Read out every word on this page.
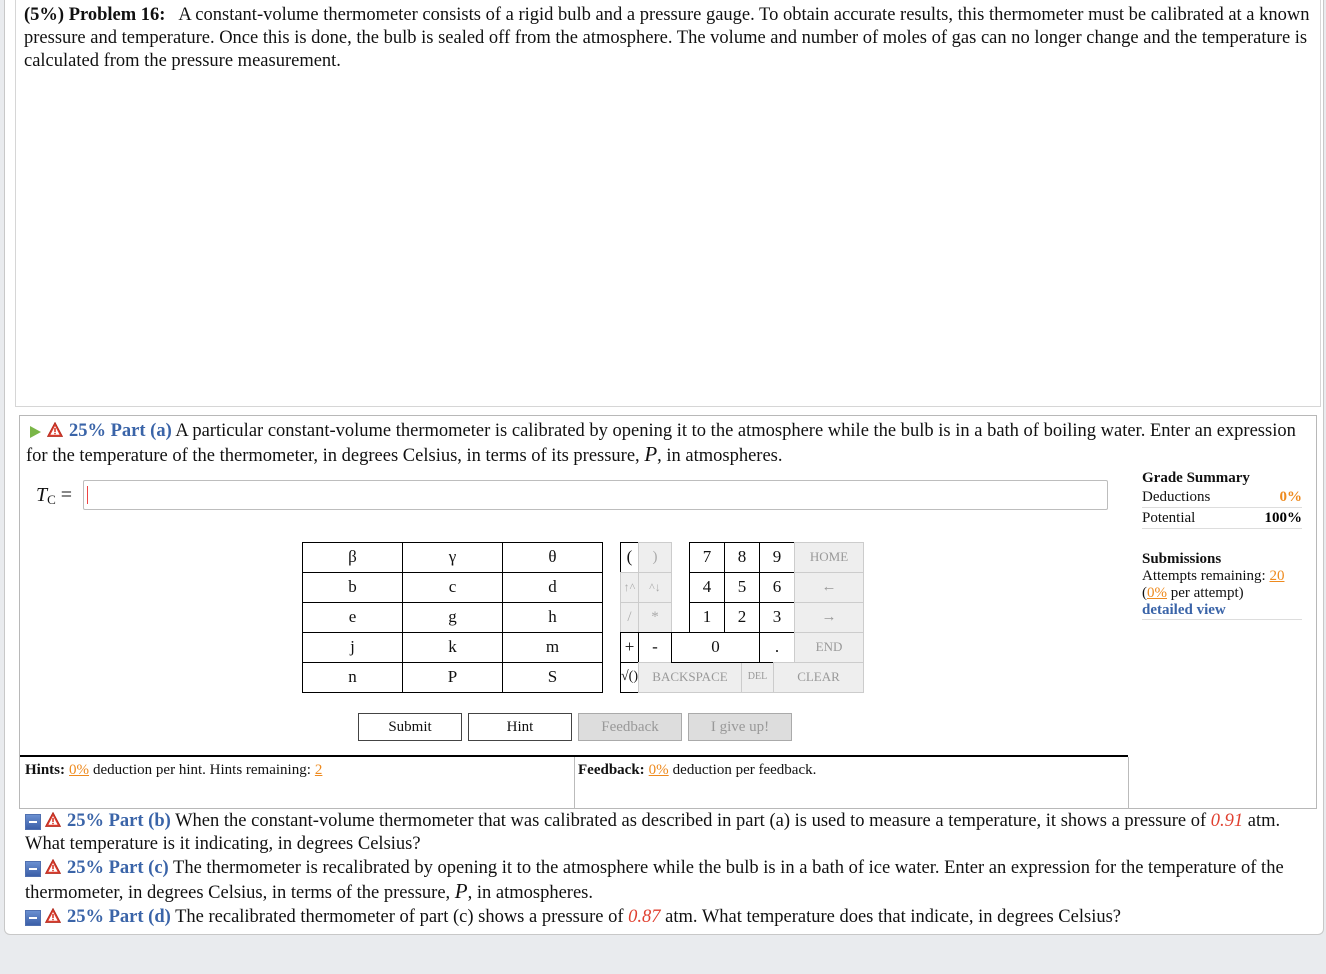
(5%) Problem 16: A constant-volume thermometer consists of a rigid bulb and a pressure gauge. To obtain accurate results, this thermometer must be calibrated at a known pressure and temperature. Once this is done, the bulb is sealed off from the atmosphere. The volume and number of moles of gas can no longer change and the temperature is calculated from the pressure measurement.
25% Part (a) A particular constant-volume thermometer is calibrated by opening it to the atmosphere while the bulb is in a bath of boiling water. Enter an expression for the temperature of the thermometer, in degrees Celsius, in terms of its pressure, P, in atmospheres.
$T_C$ =
Grade Summary
Deductions	0%
Potential	100%
Submissions
Attempts remaining: 20
(0% per attempt)
detailed view
β	γ	θ
b	c	d
e	g	h
j	k	m
n	P	S
(	)
↑^	^↓
/	*
+	-
√()	BACKSPACE	DEL
7	8	9
4	5	6
1	2	3
0	.
HOME
←
→
END
CLEAR
Submit	Hint	Feedback	I give up!
Hints: 0% deduction per hint. Hints remaining: 2	Feedback: 0% deduction per feedback.
25% Part (b) When the constant-volume thermometer that was calibrated as described in part (a) is used to measure a temperature, it shows a pressure of 0.91 atm. What temperature is it indicating, in degrees Celsius?
25% Part (c) The thermometer is recalibrated by opening it to the atmosphere while the bulb is in a bath of ice water. Enter an expression for the temperature of the thermometer, in degrees Celsius, in terms of the pressure, P, in atmospheres.
25% Part (d) The recalibrated thermometer of part (c) shows a pressure of 0.87 atm. What temperature does that indicate, in degrees Celsius?
